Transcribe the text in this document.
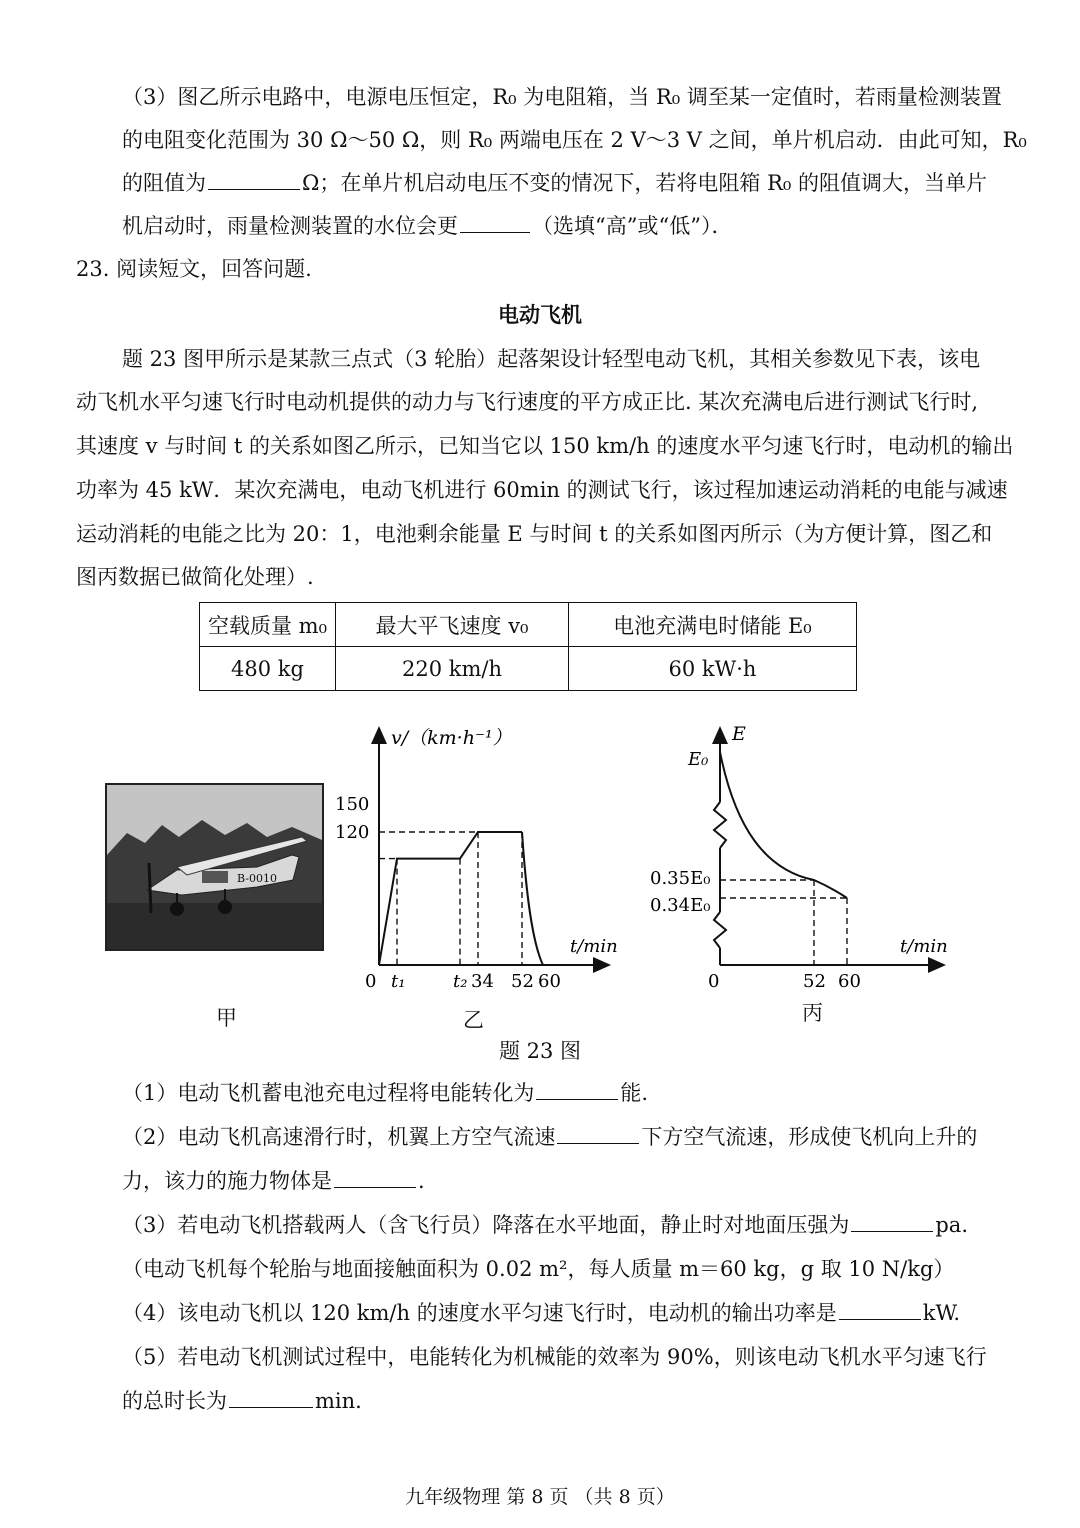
（3）图乙所示电路中，电源电压恒定，R₀ 为电阻箱，当 R₀ 调至某一定值时，若雨量检测装置
的电阻变化范围为 30 Ω～50 Ω，则 R₀ 两端电压在 2 V～3 V 之间，单片机启动．由此可知，R₀
的阻值为	Ω；在单片机启动电压不变的情况下，若将电阻箱 R₀ 的阻值调大，当单片
机启动时，雨量检测装置的水位会更	（选填“高”或“低”）．
23. 阅读短文，回答问题.
电动飞机
题 23 图甲所示是某款三点式（3 轮胎）起落架设计轻型电动飞机，其相关参数见下表，该电
动飞机水平匀速飞行时电动机提供的动力与飞行速度的平方成正比. 某次充满电后进行测试飞行时,
其速度 v 与时间 t 的关系如图乙所示，已知当它以 150 km/h 的速度水平匀速飞行时，电动机的输出
功率为 45 kW．某次充满电，电动飞机进行 60min 的测试飞行，该过程加速运动消耗的电能与减速
运动消耗的电能之比为 20：1，电池剩余能量 E 与时间 t 的关系如图丙所示（为方便计算，图乙和
图丙数据已做简化处理）.
空载质量 m₀	最大平飞速度 v₀	电池充满电时储能 E₀
480 kg	220 km/h	60 kW·h
B-0010
v/（km·h⁻¹）
t/min
0 t₁	t₂ 34 52 60
120
150
E
t/min
0	52 60
E₀
0.35E₀
0.34E₀
甲	乙	丙
题 23 图
（1）电动飞机蓄电池充电过程将电能转化为	能.
（2）电动飞机高速滑行时，机翼上方空气流速	下方空气流速，形成使飞机向上升的
力，该力的施力物体是	.
（3）若电动飞机搭载两人（含飞行员）降落在水平地面，静止时对地面压强为	pa.
（电动飞机每个轮胎与地面接触面积为 0.02 m²，每人质量 m＝60 kg，g 取 10 N/kg）
（4）该电动飞机以 120 km/h 的速度水平匀速飞行时，电动机的输出功率是	kW.
（5）若电动飞机测试过程中，电能转化为机械能的效率为 90%，则该电动飞机水平匀速飞行
的总时长为	min.
九年级物理 第 8 页 （共 8 页）
